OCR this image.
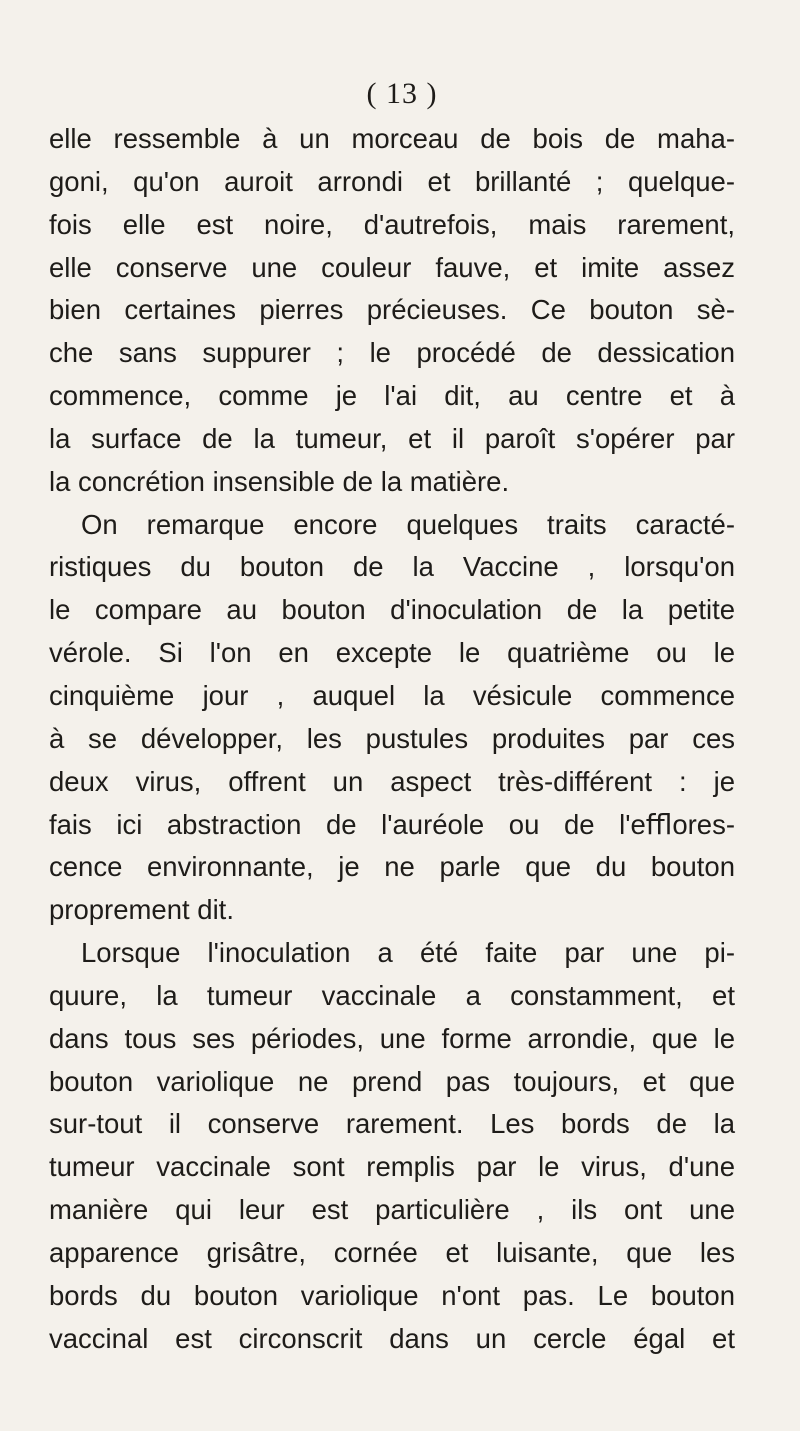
( 13 )
elle ressemble à un morceau de bois de maha-
goni, qu'on auroit arrondi et brillanté ; quelque-
fois elle est noire, d'autrefois, mais rarement,
elle conserve une couleur fauve, et imite assez
bien certaines pierres précieuses. Ce bouton sè-
che sans suppurer ; le procédé de dessication
commence, comme je l'ai dit, au centre et à
la surface de la tumeur, et il paroît s'opérer par
la concrétion insensible de la matière.
On remarque encore quelques traits caracté-
ristiques du bouton de la Vaccine , lorsqu'on
le compare au bouton d'inoculation de la petite
vérole. Si l'on en excepte le quatrième ou le
cinquième jour , auquel la vésicule commence
à se développer, les pustules produites par ces
deux virus, offrent un aspect très-différent : je
fais ici abstraction de l'auréole ou de l'eﬄores-
cence environnante, je ne parle que du bouton
proprement dit.
Lorsque l'inoculation a été faite par une pi-
quure, la tumeur vaccinale a constamment, et
dans tous ses périodes, une forme arrondie, que le
bouton variolique ne prend pas toujours, et que
sur-tout il conserve rarement. Les bords de la
tumeur vaccinale sont remplis par le virus, d'une
manière qui leur est particulière , ils ont une
apparence grisâtre, cornée et luisante, que les
bords du bouton variolique n'ont pas. Le bouton
vaccinal est circonscrit dans un cercle égal et
